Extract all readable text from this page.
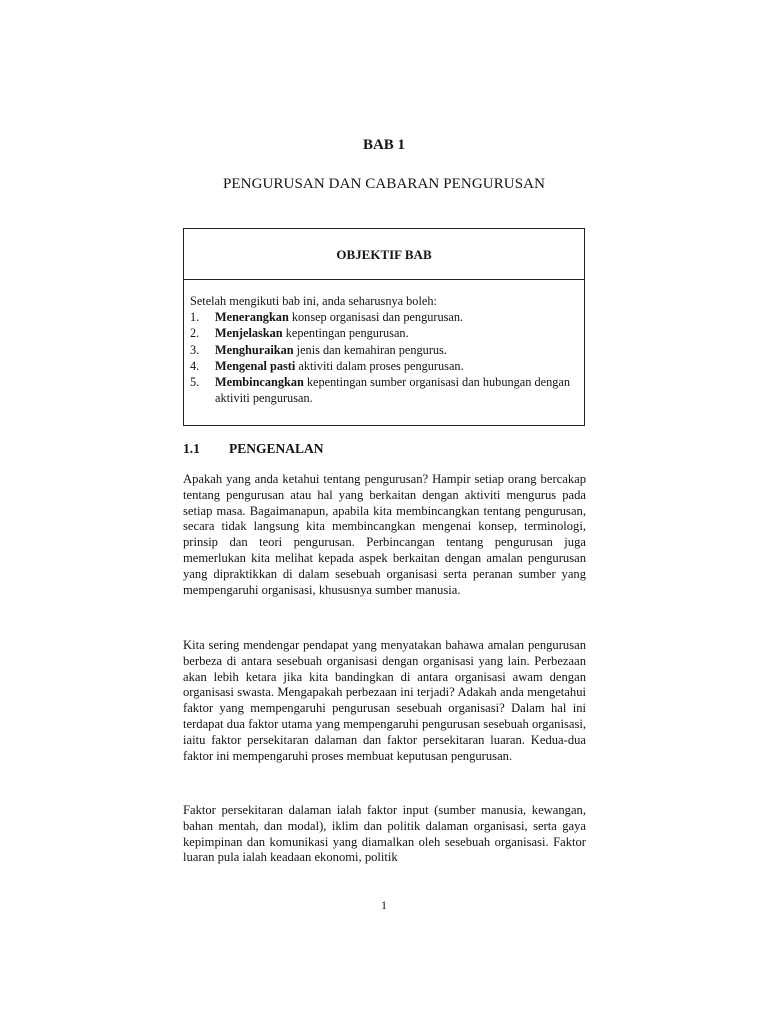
BAB 1
PENGURUSAN DAN CABARAN PENGURUSAN
OBJEKTIF BAB

Setelah mengikuti bab ini, anda seharusnya boleh:

1. Menerangkan konsep organisasi dan pengurusan.
2. Menjelaskan kepentingan pengurusan.
3. Menghuraikan jenis dan kemahiran pengurus.
4. Mengenal pasti aktiviti dalam proses pengurusan.
5. Membincangkan kepentingan sumber organisasi dan hubungan dengan aktiviti pengurusan.
1.1 PENGENALAN

Apakah yang anda ketahui tentang pengurusan? Hampir setiap orang bercakap tentang pengurusan atau hal yang berkaitan dengan aktiviti mengurus pada setiap masa. Bagaimanapun, apabila kita membincangkan tentang pengurusan, secara tidak langsung kita membincangkan mengenai konsep, terminologi, prinsip dan teori pengurusan. Perbincangan tentang pengurusan juga memerlukan kita melihat kepada aspek berkaitan dengan amalan pengurusan yang dipraktikkan di dalam sesebuah organisasi serta peranan sumber yang mempengaruhi organisasi, khususnya sumber manusia.

Kita sering mendengar pendapat yang menyatakan bahawa amalan pengurusan berbeza di antara sesebuah organisasi dengan organisasi yang lain. Perbezaan akan lebih ketara jika kita bandingkan di antara organisasi awam dengan organisasi swasta. Mengapakah perbezaan ini terjadi? Adakah anda mengetahui faktor yang mempengaruhi pengurusan sesebuah organisasi? Dalam hal ini terdapat dua faktor utama yang mempengaruhi pengurusan sesebuah organisasi, iaitu faktor persekitaran dalaman dan faktor persekitaran luaran. Kedua-dua faktor ini mempengaruhi proses membuat keputusan pengurusan.

Faktor persekitaran dalaman ialah faktor input (sumber manusia, kewangan, bahan mentah, dan modal), iklim dan politik dalaman organisasi, serta gaya kepimpinan dan komunikasi yang diamalkan oleh sesebuah organisasi. Faktor luaran pula ialah keadaan ekonomi, politik

1
